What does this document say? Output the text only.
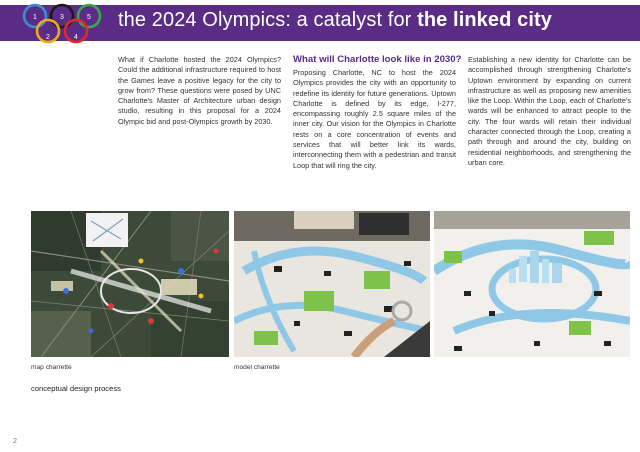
1	3	5
2	4
the 2024 Olympics: a catalyst for the linked city
What if Charlotte hosted the 2024 Olympics? Could the additional infrastructure required to host the Games leave a positive legacy for the city to grow from? These questions were posed by UNC Charlotte's Master of Architecture urban design studio, resulting in this proposal for a 2024 Olympic bid and post-Olympics growth by 2030.
What will Charlotte look like in 2030?
Proposing Charlotte, NC to host the 2024 Olympics provides the city with an opportunity to redefine its identity for future generations. Uptown Charlotte is defined by its edge, I-277, encompassing roughly 2.5 square miles of the inner city. Our vision for the Olympics in Charlotte rests on a core concentration of events and services that will better link its wards, interconnecting them with a pedestrian and transit Loop that will ring the city.
Establishing a new identity for Charlotte can be accomplished through strengthening Charlotte's Uptown environment by expanding on current infrastructure as well as proposing new amenities like the Loop. Within the Loop, each of Charlotte's wards will be enhanced to attract people to the city. The four wards will retain their individual character connected through the Loop, creating a path through and around the city, building on residential neighborhoods, and strengthening the urban core.
map charrette	model charrette
conceptual design process
2
